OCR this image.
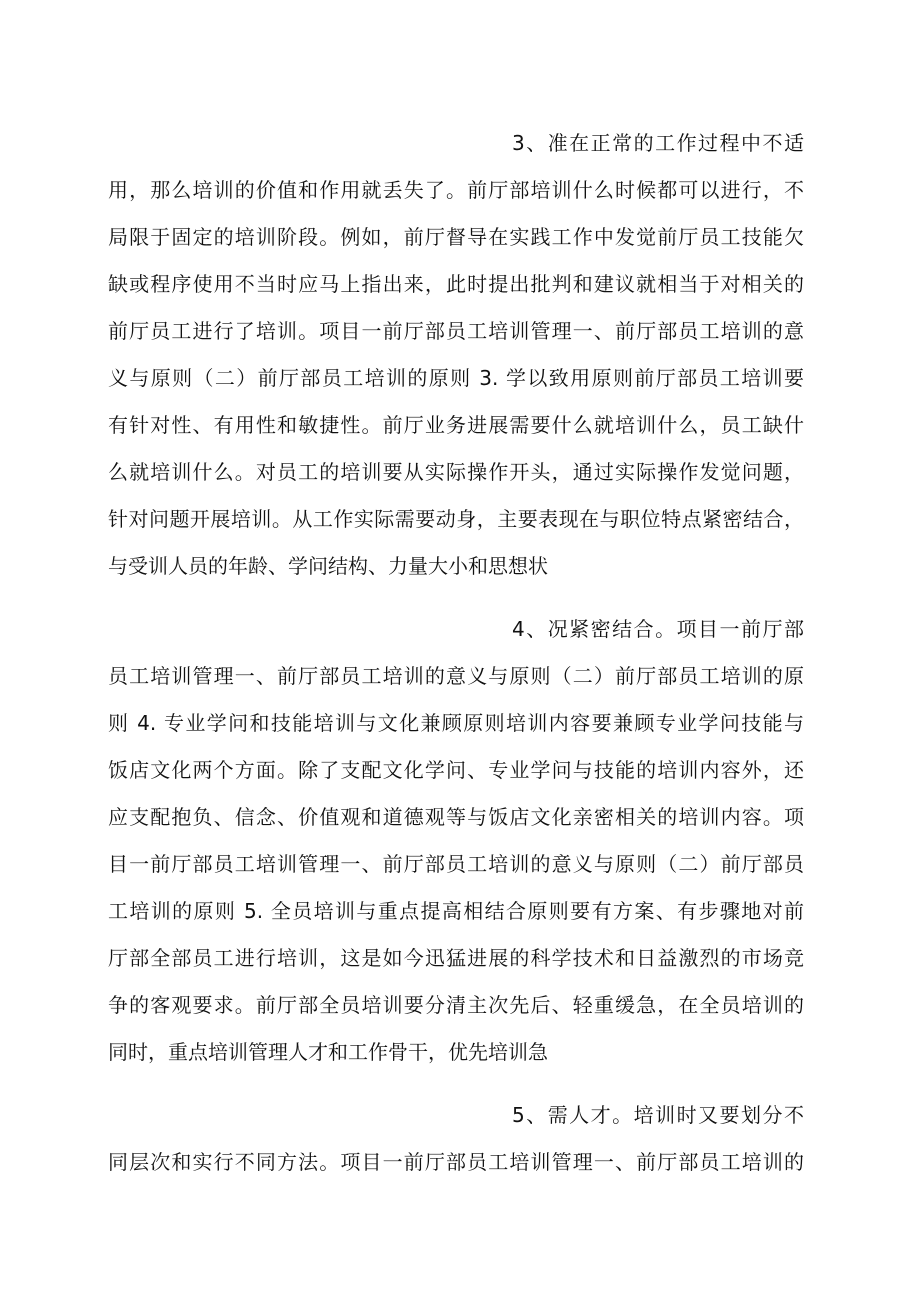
3、准在正常的工作过程中不适
用，那么培训的价值和作用就丢失了。前厅部培训什么时候都可以进行，不
局限于固定的培训阶段。例如，前厅督导在实践工作中发觉前厅员工技能欠
缺或程序使用不当时应马上指出来，此时提出批判和建议就相当于对相关的
前厅员工进行了培训。项目一前厅部员工培训管理一、前厅部员工培训的意
义与原则（二）前厅部员工培训的原则 3. 学以致用原则前厅部员工培训要
有针对性、有用性和敏捷性。前厅业务进展需要什么就培训什么，员工缺什
么就培训什么。对员工的培训要从实际操作开头，通过实际操作发觉问题，
针对问题开展培训。从工作实际需要动身，主要表现在与职位特点紧密结合，
与受训人员的年龄、学问结构、力量大小和思想状
4、况紧密结合。项目一前厅部
员工培训管理一、前厅部员工培训的意义与原则（二）前厅部员工培训的原
则 4. 专业学问和技能培训与文化兼顾原则培训内容要兼顾专业学问技能与
饭店文化两个方面。除了支配文化学问、专业学问与技能的培训内容外，还
应支配抱负、信念、价值观和道德观等与饭店文化亲密相关的培训内容。项
目一前厅部员工培训管理一、前厅部员工培训的意义与原则（二）前厅部员
工培训的原则 5. 全员培训与重点提高相结合原则要有方案、有步骤地对前
厅部全部员工进行培训，这是如今迅猛进展的科学技术和日益激烈的市场竞
争的客观要求。前厅部全员培训要分清主次先后、轻重缓急，在全员培训的
同时，重点培训管理人才和工作骨干，优先培训急
5、需人才。培训时又要划分不
同层次和实行不同方法。项目一前厅部员工培训管理一、前厅部员工培训的
